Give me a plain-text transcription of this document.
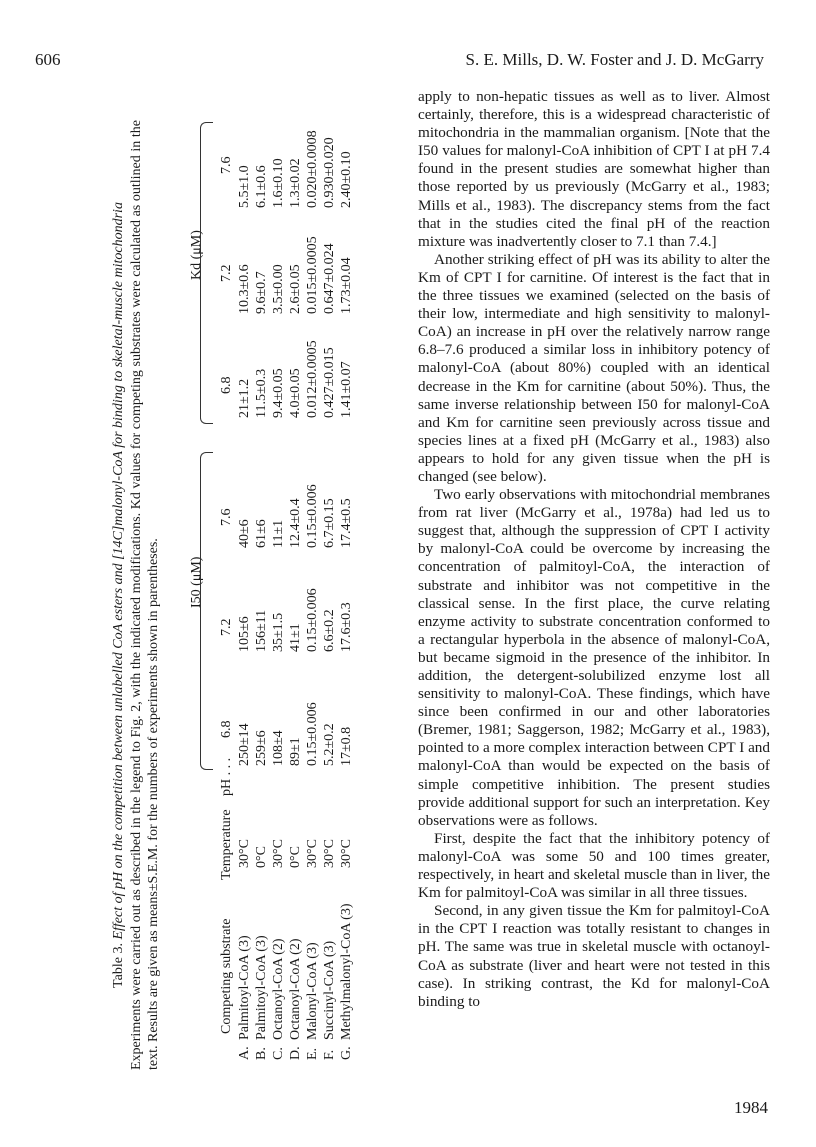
606	S. E. Mills, D. W. Foster and J. D. McGarry
Table 3. Effect of pH on the competition between unlabelled CoA esters and [14C]malonyl-CoA for binding to skeletal-muscle mitochondria Experiments were carried out as described in the legend to Fig. 2, with the indicated modifications. Kd values for competing substrates were calculated as outlined in the text. Results are given as means±S.E.M. for the numbers of experiments shown in parentheses. I50 (μM)
Kd (μM)
Competing substrate
Temperature
pH . . .
6.8
7.2
7.6
6.8
7.2
7.6
A.
Palmitoyl-CoA (3)
30°C
250±14
105±6
40±6
21±1.2
10.3±0.6
5.5±1.0
B.
Palmitoyl-CoA (3)
0°C
259±6
156±11
61±6
11.5±0.3
9.6±0.7
6.1±0.6
C.
Octanoyl-CoA (2)
30°C
108±4
35±1.5
11±1
9.4±0.05
3.5±0.00
1.6±0.10
D.
Octanoyl-CoA (2)
0°C
89±1
41±1
12.4±0.4
4.0±0.05
2.6±0.05
1.3±0.02
E.
Malonyl-CoA (3)
30°C
0.15±0.006
0.15±0.006
0.15±0.006
0.012±0.0005
0.015±0.0005
0.020±0.0008
F.
Succinyl-CoA (3)
30°C
5.2±0.2
6.6±0.2
6.7±0.15
0.427±0.015
0.647±0.024
0.930±0.020
G.
Methylmalonyl-CoA (3)
30°C
17±0.8
17.6±0.3
17.4±0.5
1.41±0.07
1.73±0.04
2.40±0.10

apply to non-hepatic tissues as well as to liver. Almost certainly, therefore, this is a widespread characteristic of mitochondria in the mammalian organism. [Note that the I50 values for malonyl-CoA inhibition of CPT I at pH 7.4 found in the present studies are somewhat higher than those reported by us previously (McGarry et al., 1983; Mills et al., 1983). The discrepancy stems from the fact that in the studies cited the final pH of the reaction mixture was inadvertently closer to 7.1 than 7.4.]

Another striking effect of pH was its ability to alter the Km of CPT I for carnitine. Of interest is the fact that in the three tissues we examined (selected on the basis of their low, intermediate and high sensitivity to malonyl-CoA) an increase in pH over the relatively narrow range 6.8–7.6 produced a similar loss in inhibitory potency of malonyl-CoA (about 80%) coupled with an identical decrease in the Km for carnitine (about 50%). Thus, the same inverse relationship between I50 for malonyl-CoA and Km for carnitine seen previously across tissue and species lines at a fixed pH (McGarry et al., 1983) also appears to hold for any given tissue when the pH is changed (see below).

Two early observations with mitochondrial membranes from rat liver (McGarry et al., 1978a) had led us to suggest that, although the suppression of CPT I activity by malonyl-CoA could be overcome by increasing the concentration of palmitoyl-CoA, the interaction of substrate and inhibitor was not competitive in the classical sense. In the first place, the curve relating enzyme activity to substrate concentration conformed to a rectangular hyperbola in the absence of malonyl-CoA, but became sigmoid in the presence of the inhibitor. In addition, the detergent-solubilized enzyme lost all sensitivity to malonyl-CoA. These findings, which have since been confirmed in our and other laboratories (Bremer, 1981; Saggerson, 1982; McGarry et al., 1983), pointed to a more complex interaction between CPT I and malonyl-CoA than would be expected on the basis of simple competitive inhibition. The present studies provide additional support for such an interpretation. Key observations were as follows.

First, despite the fact that the inhibitory potency of malonyl-CoA was some 50 and 100 times greater, respectively, in heart and skeletal muscle than in liver, the Km for palmitoyl-CoA was similar in all three tissues.

Second, in any given tissue the Km for palmitoyl-CoA in the CPT I reaction was totally resistant to changes in pH. The same was true in skeletal muscle with octanoyl-CoA as substrate (liver and heart were not tested in this case). In striking contrast, the Kd for malonyl-CoA binding to

1984
